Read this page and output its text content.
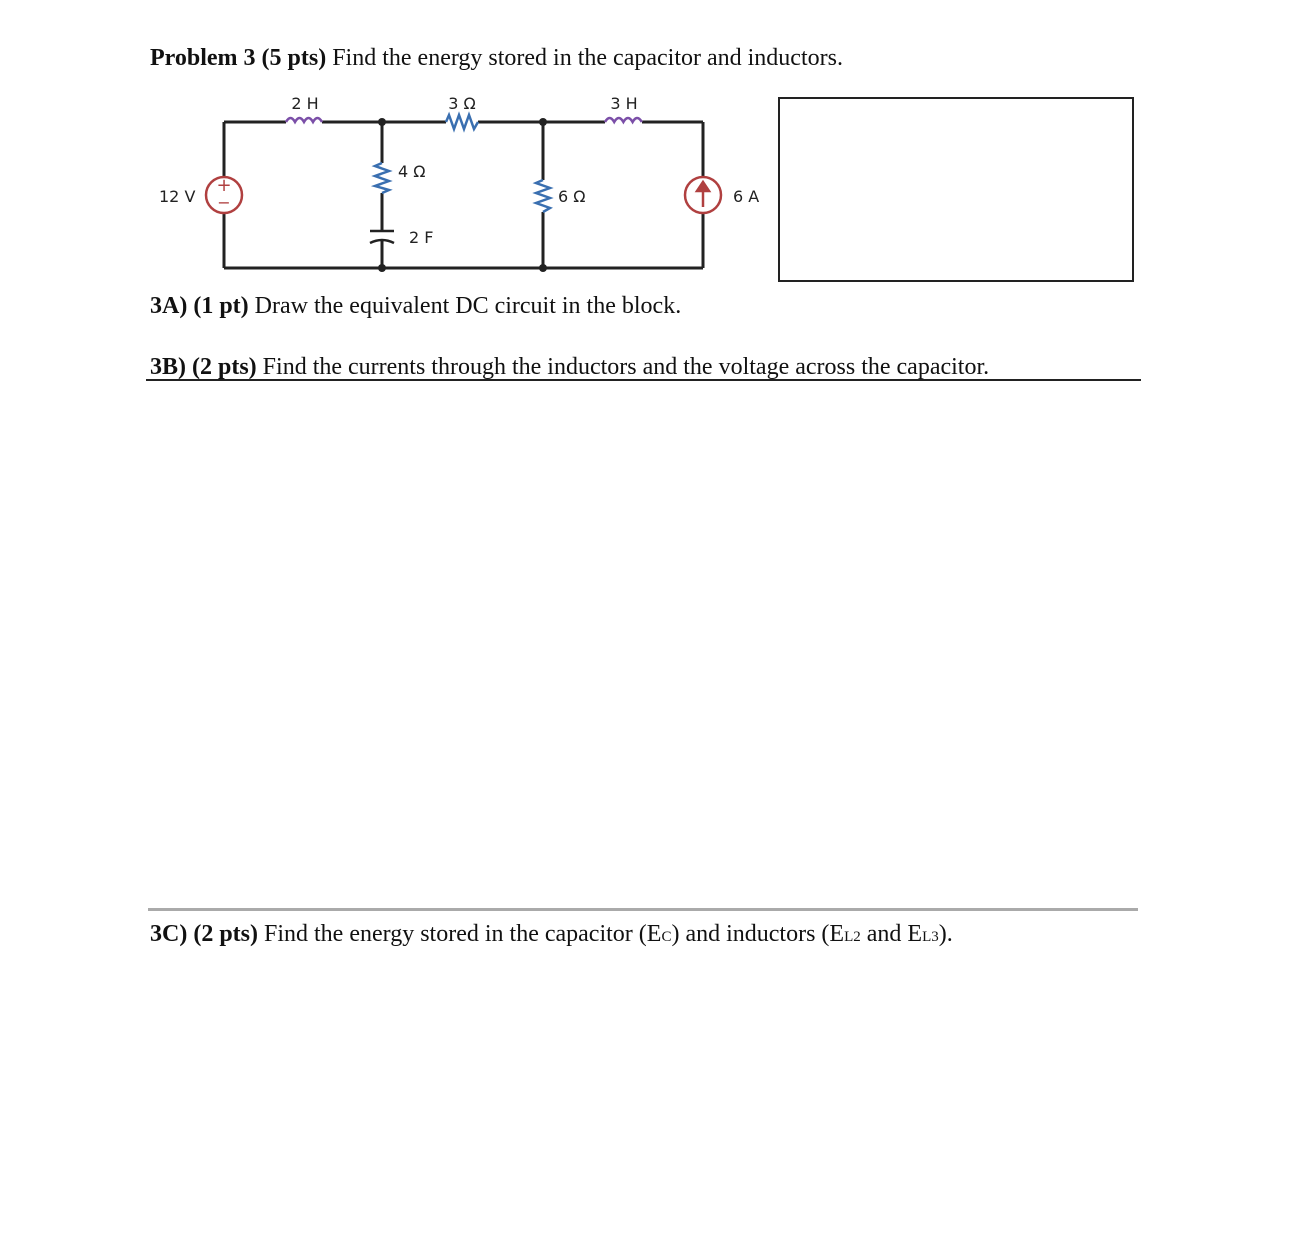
Problem 3 (5 pts) Find the energy stored in the capacitor and inductors.
+
−
2 H	3 Ω	3 H
4 Ω
2 F
6 Ω
12 V	6 A
3A) (1 pt) Draw the equivalent DC circuit in the block.
3B) (2 pts) Find the currents through the inductors and the voltage across the capacitor.
3C) (2 pts) Find the energy stored in the capacitor (EC) and inductors (EL2 and EL3).
